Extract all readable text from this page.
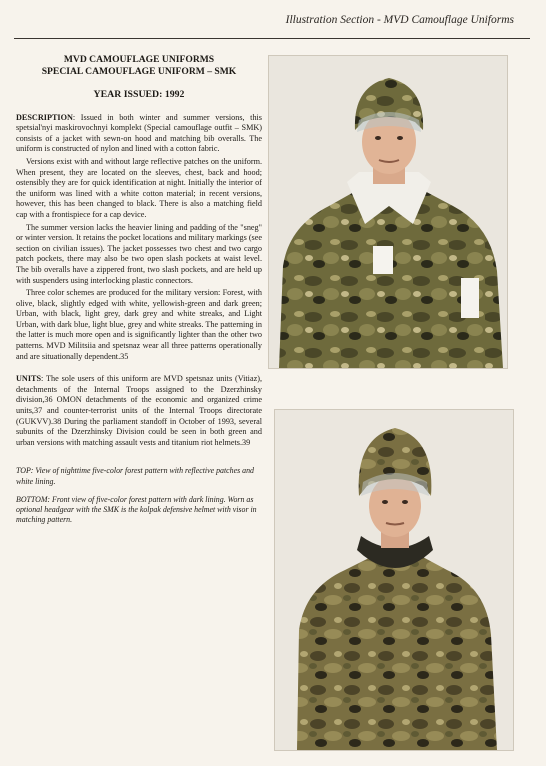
Illustration Section - MVD Camouflage Uniforms

MVD CAMOUFLAGE UNIFORMS

SPECIAL CAMOUFLAGE UNIFORM – SMK

YEAR ISSUED: 1992

DESCRIPTION: Issued in both winter and summer versions, this spetsial'nyi maskirovochnyi komplekt (Special camouflage outfit – SMK) consists of a jacket with sewn-on hood and matching bib overalls. The uniform is constructed of nylon and lined with a cotton fabric.

Versions exist with and without large reflective patches on the uniform. When present, they are located on the sleeves, chest, back and hood; ostensibly they are for quick identification at night. Initially the interior of the uniform was lined with a white cotton material; in recent versions, however, this has been changed to black. There is also a matching field cap with a frontispiece for a cap device.

The summer version lacks the heavier lining and padding of the "sneg" or winter version. It retains the pocket locations and military markings (see section on civilian issues). The jacket possesses two chest and two cargo patch pockets, there may also be two open slash pockets at waist level. The bib overalls have a zippered front, two slash pockets, and are held up with suspenders using interlocking plastic connectors.

Three color schemes are produced for the military version: Forest, with olive, black, slightly edged with white, yellowish-green and dark green; Urban, with black, light grey, dark grey and white streaks, and Light Urban, with dark blue, light blue, grey and white streaks. The patterning in the latter is much more open and is significantly lighter than the other two patterns. MVD Militsiia and spetsnaz wear all three patterns operationally and are situationally dependent.35

UNITS: The sole users of this uniform are MVD spetsnaz units (Vitiaz), detachments of the Internal Troops assigned to the Dzerzhinsky division,36 OMON detachments of the economic and organized crime units,37 and counter-terrorist units of the Internal Troops directorate (GUKVV).38 During the parliament standoff in October of 1993, several subunits of the Dzerzhinsky Division could be seen in both green and urban versions with matching assault vests and titanium riot helmets.39

TOP: View of nighttime five-color forest pattern with reflective patches and white lining.

BOTTOM: Front view of five-color forest pattern with dark lining. Worn as optional headgear with the SMK is the kolpak defensive helmet with visor in matching pattern.
